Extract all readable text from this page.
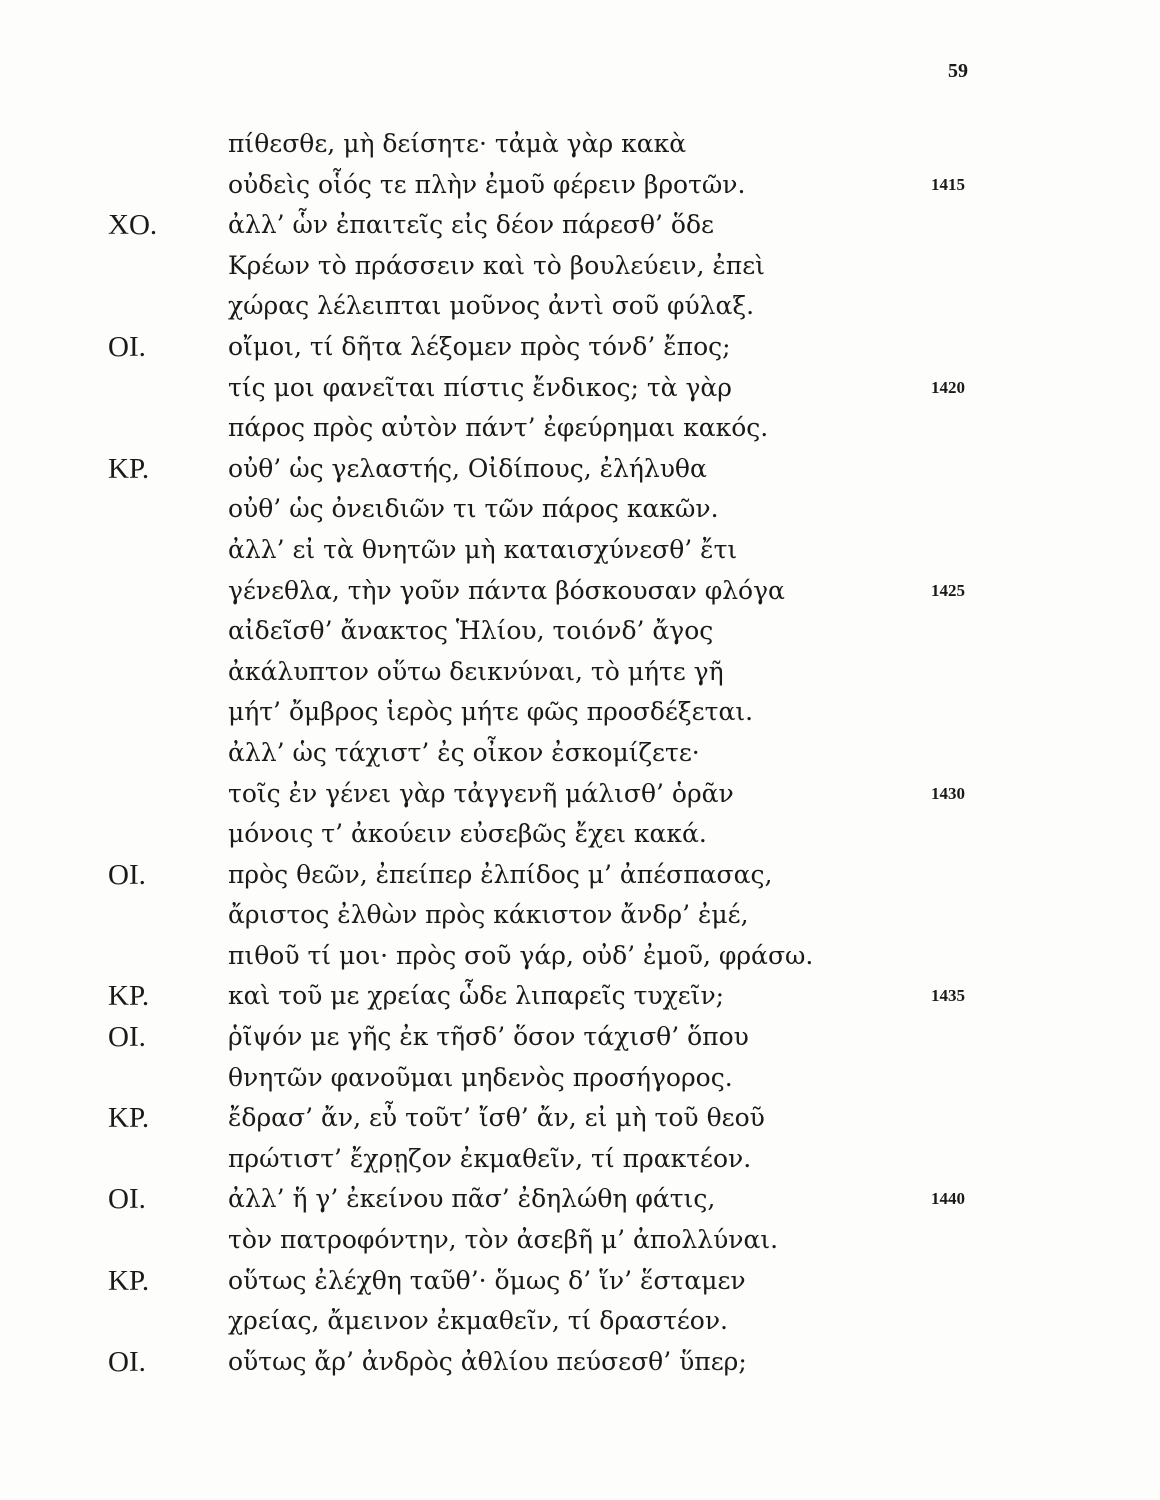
59
πίθεσθε, μὴ δείσητε· τἀμὰ γὰρ κακὰ
οὐδεὶς οἷός τε πλὴν ἐμοῦ φέρειν βροτῶν.	1415
ΧΟ.	ἀλλ’ ὧν ἐπαιτεῖς εἰς δέον πάρεσθ’ ὅδε
Κρέων τὸ πράσσειν καὶ τὸ βουλεύειν, ἐπεὶ
χώρας λέλειπται μοῦνος ἀντὶ σοῦ φύλαξ.
ΟΙ.	οἴμοι, τί δῆτα λέξομεν πρὸς τόνδ’ ἔπος;
τίς μοι φανεῖται πίστις ἔνδικος; τὰ γὰρ	1420
πάρος πρὸς αὐτὸν πάντ’ ἐφεύρημαι κακός.
ΚΡ.	οὐθ’ ὡς γελαστής, Οἰδίπους, ἐλήλυθα
οὐθ’ ὡς ὀνειδιῶν τι τῶν πάρος κακῶν.
ἀλλ’ εἰ τὰ θνητῶν μὴ καταισχύνεσθ’ ἔτι
γένεθλα, τὴν γοῦν πάντα βόσκουσαν φλόγα	1425
αἰδεῖσθ’ ἄνακτος Ἡλίου, τοιόνδ’ ἄγος
ἀκάλυπτον οὕτω δεικνύναι, τὸ μήτε γῆ
μήτ’ ὄμβρος ἱερὸς μήτε φῶς προσδέξεται.
ἀλλ’ ὡς τάχιστ’ ἐς οἶκον ἐσκομίζετε·
τοῖς ἐν γένει γὰρ τἀγγενῆ μάλισθ’ ὁρᾶν	1430
μόνοις τ’ ἀκούειν εὐσεβῶς ἔχει κακά.
ΟΙ.	πρὸς θεῶν, ἐπείπερ ἐλπίδος μ’ ἀπέσπασας,
ἄριστος ἐλθὼν πρὸς κάκιστον ἄνδρ’ ἐμέ,
πιθοῦ τί μοι· πρὸς σοῦ γάρ, οὐδ’ ἐμοῦ, φράσω.
ΚΡ.	καὶ τοῦ με χρείας ὧδε λιπαρεῖς τυχεῖν;	1435
ΟΙ.	ῥῖψόν με γῆς ἐκ τῆσδ’ ὅσον τάχισθ’ ὅπου
θνητῶν φανοῦμαι μηδενὸς προσήγορος.
ΚΡ.	ἔδρασ’ ἄν, εὖ τοῦτ’ ἴσθ’ ἄν, εἰ μὴ τοῦ θεοῦ
πρώτιστ’ ἔχρῃζον ἐκμαθεῖν, τί πρακτέον.
ΟΙ.	ἀλλ’ ἥ γ’ ἐκείνου πᾶσ’ ἐδηλώθη φάτις,	1440
τὸν πατροφόντην, τὸν ἀσεβῆ μ’ ἀπολλύναι.
ΚΡ.	οὕτως ἐλέχθη ταῦθ’· ὅμως δ’ ἵν’ ἕσταμεν
χρείας, ἄμεινον ἐκμαθεῖν, τί δραστέον.
ΟΙ.	οὕτως ἄρ’ ἀνδρὸς ἀθλίου πεύσεσθ’ ὕπερ;
